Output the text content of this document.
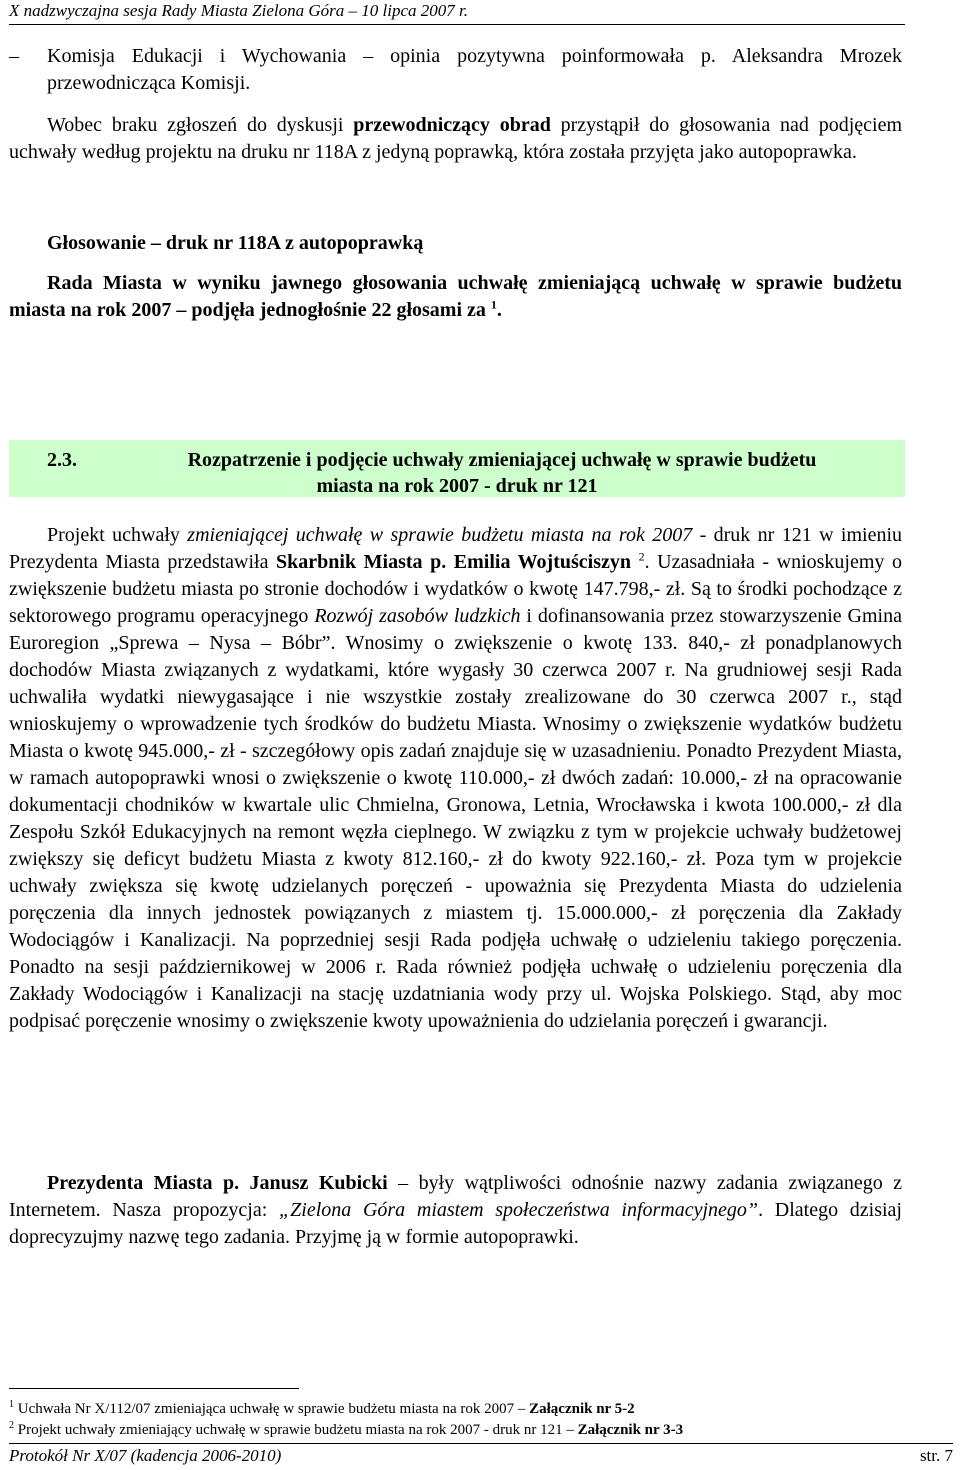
X nadzwyczajna sesja Rady Miasta Zielona Góra – 10 lipca 2007 r.

– Komisja Edukacji i Wychowania – opinia pozytywna poinformowała p. Aleksandra Mrozek przewodnicząca Komisji.

Wobec braku zgłoszeń do dyskusji przewodniczący obrad przystąpił do głosowania nad podjęciem uchwały według projektu na druku nr 118A z jedyną poprawką, która została przyjęta jako autopoprawka.

Głosowanie – druk nr 118A z autopoprawką

Rada Miasta w wyniku jawnego głosowania uchwałę zmieniającą uchwałę w sprawie budżetu miasta na rok 2007 – podjęła jednogłośnie 22 głosami za $^1$.

2.3.	Rozpatrzenie i podjęcie uchwały zmieniającej uchwałę w sprawie budżetu
miasta na rok 2007 - druk nr 121

Projekt uchwały zmieniającej uchwałę w sprawie budżetu miasta na rok 2007 - druk nr 121 w imieniu Prezydenta Miasta przedstawiła Skarbnik Miasta p. Emilia Wojtuściszyn $^2$. Uzasadniała - wnioskujemy o zwiększenie budżetu miasta po stronie dochodów i wydatków o kwotę 147.798,- zł. Są to środki pochodzące z sektorowego programu operacyjnego Rozwój zasobów ludzkich i dofinansowania przez stowarzyszenie Gmina Euroregion „Sprewa – Nysa – Bóbr”. Wnosimy o zwiększenie o kwotę 133. 840,- zł ponadplanowych dochodów Miasta związanych z wydatkami, które wygasły 30 czerwca 2007 r. Na grudniowej sesji Rada uchwaliła wydatki niewygasające i nie wszystkie zostały zrealizowane do 30 czerwca 2007 r., stąd wnioskujemy o wprowadzenie tych środków do budżetu Miasta. Wnosimy o zwiększenie wydatków budżetu Miasta o kwotę 945.000,- zł - szczegółowy opis zadań znajduje się w uzasadnieniu. Ponadto Prezydent Miasta, w ramach autopoprawki wnosi o zwiększenie o kwotę 110.000,- zł dwóch zadań: 10.000,- zł na opracowanie dokumentacji chodników w kwartale ulic Chmielna, Gronowa, Letnia, Wrocławska i kwota 100.000,- zł dla Zespołu Szkół Edukacyjnych na remont węzła cieplnego. W związku z tym w projekcie uchwały budżetowej zwiększy się deficyt budżetu Miasta z kwoty 812.160,- zł do kwoty 922.160,- zł. Poza tym w projekcie uchwały zwiększa się kwotę udzielanych poręczeń - upoważnia się Prezydenta Miasta do udzielenia poręczenia dla innych jednostek powiązanych z miastem tj. 15.000.000,- zł poręczenia dla Zakłady Wodociągów i Kanalizacji. Na poprzedniej sesji Rada podjęła uchwałę o udzieleniu takiego poręczenia. Ponadto na sesji październikowej w 2006 r. Rada również podjęła uchwałę o udzieleniu poręczenia dla Zakłady Wodociągów i Kanalizacji na stację uzdatniania wody przy ul. Wojska Polskiego. Stąd, aby moc podpisać poręczenie wnosimy o zwiększenie kwoty upoważnienia do udzielania poręczeń i gwarancji.

Prezydenta Miasta p. Janusz Kubicki – były wątpliwości odnośnie nazwy zadania związanego z Internetem. Nasza propozycja: „Zielona Góra miastem społeczeństwa informacyjnego”. Dlatego dzisiaj doprecyzujmy nazwę tego zadania. Przyjmę ją w formie autopoprawki.

$^1$ Uchwała Nr X/112/07 zmieniająca uchwałę w sprawie budżetu miasta na rok 2007 – Załącznik nr 5-2
$^2$ Projekt uchwały zmieniający uchwałę w sprawie budżetu miasta na rok 2007 - druk nr 121 – Załącznik nr 3-3
Protokół Nr X/07 (kadencja 2006-2010)	str. 7
